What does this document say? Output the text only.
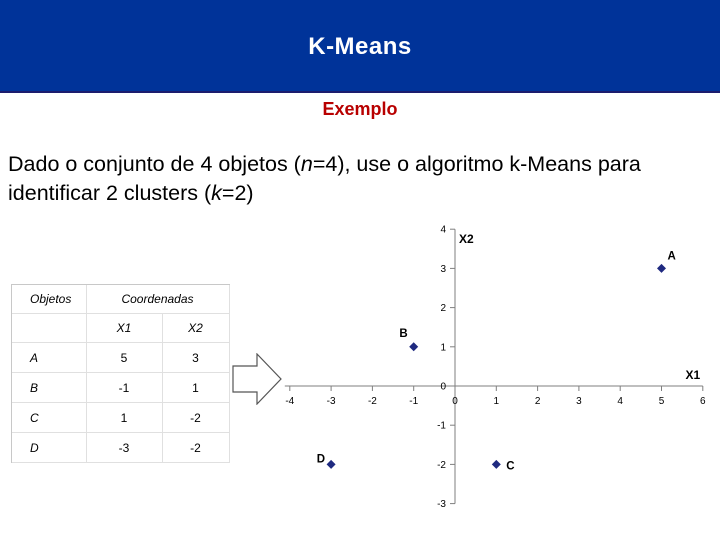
K-Means
Exemplo
Dado o conjunto de 4 objetos (n=4), use o algoritmo k-Means para identificar 2 clusters (k=2)
Objetos	Coordenadas	
	X1	X2
A	5	3
B	-1	1
C	1	-2
D	-3	-2
-4	-3	-2	-1	0	1	2	3	4	5	6
4
3
2
1
0
-1
-2
-3
X1
X2
A
B
C
D
